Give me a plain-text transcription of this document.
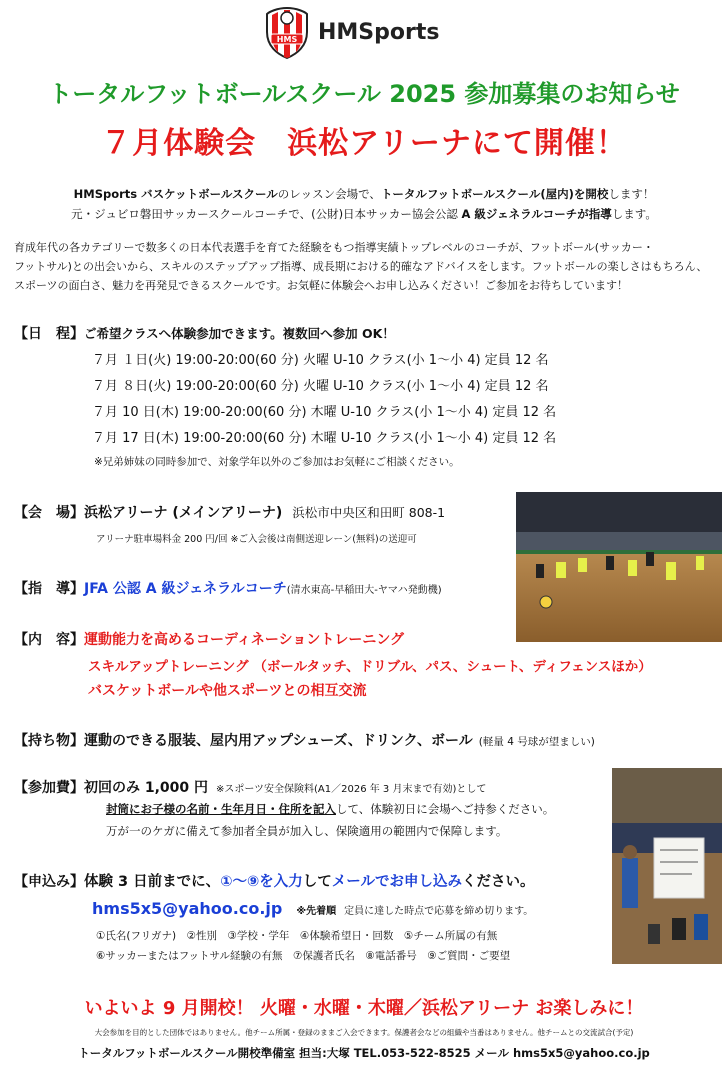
HMS HMSports
トータルフットボールスクール 2025 参加募集のお知らせ
７月体験会　浜松アリーナにて開催！
HMSports バスケットボールスクールのレッスン会場で、トータルフットボールスクール(屋内)を開校します！
元・ジュビロ磐田サッカースクールコーチで、(公財)日本サッカー協会公認 A 級ジェネラルコーチが指導します。
育成年代の各カテゴリーで数多くの日本代表選手を育てた経験をもつ指導実績トップレベルのコーチが、フットボール(サッカー・
フットサル)との出会いから、スキルのステップアップ指導、成長期における的確なアドバイスをします。フットボールの楽しさはもちろん、
スポーツの面白さ、魅力を再発見できるスクールです。お気軽に体験会へお申し込みください！ご参加をお待ちしています！
【日　程】ご希望クラスへ体験参加できます。複数回へ参加 OK！
７月 １日(火) 19:00-20:00(60 分) 火曜 U-10 クラス(小 1～小 4) 定員 12 名
７月 ８日(火) 19:00-20:00(60 分) 火曜 U-10 クラス(小 1～小 4) 定員 12 名
７月 10 日(木) 19:00-20:00(60 分) 木曜 U-10 クラス(小 1～小 4) 定員 12 名
７月 17 日(木) 19:00-20:00(60 分) 木曜 U-10 クラス(小 1～小 4) 定員 12 名
※兄弟姉妹の同時参加で、対象学年以外のご参加はお気軽にご相談ください。
【会　場】浜松アリーナ (メインアリーナ) 浜松市中央区和田町 808-1
アリーナ駐車場料金 200 円/回 ※ご入会後は南側送迎レーン(無料)の送迎可
【指　導】JFA 公認 A 級ジェネラルコーチ(清水東高-早稲田大-ヤマハ発動機)
【内　容】運動能力を高めるコーディネーショントレーニング
スキルアップトレーニング （ボールタッチ、ドリブル、パス、シュート、ディフェンスほか）
バスケットボールや他スポーツとの相互交流
【持ち物】運動のできる服装、屋内用アップシューズ、ドリンク、ボール (軽量 4 号球が望ましい)
【参加費】初回のみ 1,000 円 ※スポーツ安全保険料(A1／2026 年 3 月末まで有効)として
封筒にお子様の名前・生年月日・住所を記入して、体験初日に会場へご持参ください。
万が一のケガに備えて参加者全員が加入し、保険適用の範囲内で保障します。
【申込み】体験 3 日前までに、①～⑨を入力してメールでお申し込みください。
hms5x5@yahoo.co.jp ※先着順 定員に達した時点で応募を締め切ります。
①氏名(フリガナ)　②性別　③学校・学年　④体験希望日・回数　⑤チーム所属の有無
⑥サッカーまたはフットサル経験の有無　⑦保護者氏名　⑧電話番号　⑨ご質問・ご要望
いよいよ 9 月開校！ 火曜・水曜・木曜／浜松アリーナ お楽しみに！
大会参加を目的とした団体ではありません。他チーム所属・登録のままご入会できます。保護者会などの組織や当番はありません。他チームとの交流試合(予定)
トータルフットボールスクール開校準備室 担当:大塚 TEL.053-522-8525 メール hms5x5@yahoo.co.jp
